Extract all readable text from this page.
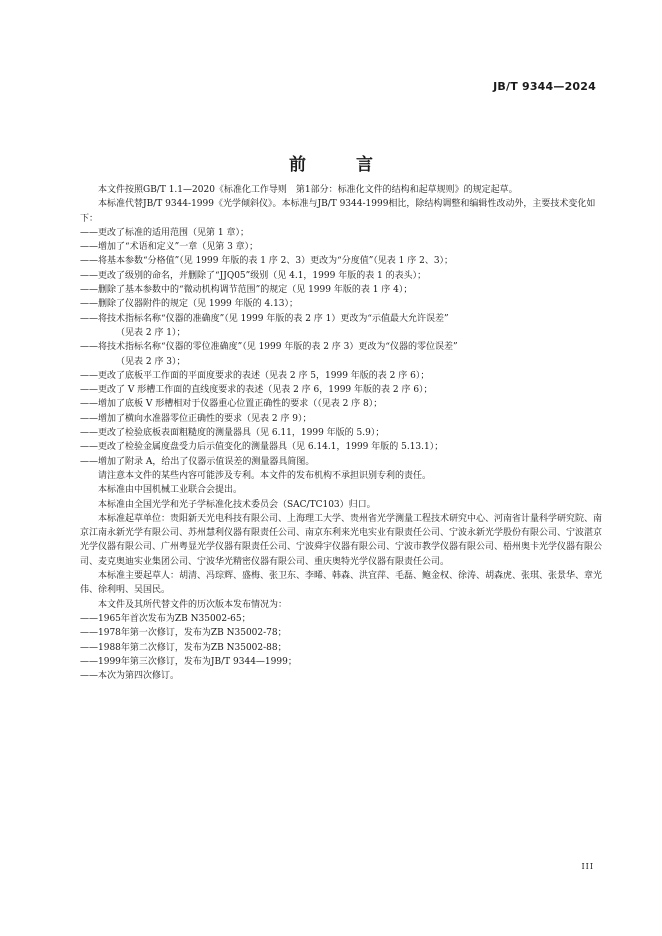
JB/T 9344—2024
前 言

本文件按照GB/T 1.1—2020《标准化工作导则　第1部分：标准化文件的结构和起草规则》的规定起草。

本标准代替JB/T 9344-1999《光学倾斜仪》。本标准与JB/T 9344-1999相比，除结构调整和编辑性改动外，主要技术变化如下：

——更改了标准的适用范围（见第 1 章）；

——增加了“术语和定义”一章（见第 3 章）；

——将基本参数“分格值”（见 1999 年版的表 1 序 2、3）更改为“分度值”（见表 1 序 2、3）；

——更改了级别的命名，并删除了“JJQ05”级别（见 4.1，1999 年版的表 1 的表头）；

——删除了基本参数中的“微动机构调节范围”的规定（见 1999 年版的表 1 序 4）；

——删除了仪器附件的规定（见 1999 年版的 4.13）；

——将技术指标名称“仪器的准确度”（见 1999 年版的表 2 序 1）更改为“示值最大允许误差”
（见表 2 序 1）；

——将技术指标名称“仪器的零位准确度”（见 1999 年版的表 2 序 3）更改为“仪器的零位误差”
（见表 2 序 3）；

——更改了底板平工作面的平面度要求的表述（见表 2 序 5，1999 年版的表 2 序 6）；

——更改了 V 形槽工作面的直线度要求的表述（见表 2 序 6，1999 年版的表 2 序 6）；

——增加了底板 V 形槽相对于仪器重心位置正确性的要求（（见表 2 序 8）；

——增加了横向水准器零位正确性的要求（见表 2 序 9）；

——更改了检验底板表面粗糙度的测量器具（见 6.11，1999 年版的 5.9）；

——更改了检验金属度盘受力后示值变化的测量器具（见 6.14.1，1999 年版的 5.13.1）；

——增加了附录 A，给出了仪器示值误差的测量器具简图。

请注意本文件的某些内容可能涉及专利。本文件的发布机构不承担识别专利的责任。

本标准由中国机械工业联合会提出。

本标准由全国光学和光子学标准化技术委员会（SAC/TC103）归口。

本标准起草单位：贵阳新天光电科技有限公司、上海理工大学、贵州省光学测量工程技术研究中心、河南省计量科学研究院、南京江南永新光学有限公司、苏州慧利仪器有限责任公司、南京东利来光电实业有限责任公司、宁波永新光学股份有限公司、宁波湛京光学仪器有限公司、广州粤显光学仪器有限责任公司、宁波舜宇仪器有限公司、宁波市教学仪器有限公司、梧州奥卡光学仪器有限公司、麦克奥迪实业集团公司、宁波华光精密仪器有限公司、重庆奥特光学仪器有限责任公司。

本标准主要起草人：胡清、冯琮辉、盛梅、张卫东、李晞、韩森、洪宜萍、毛磊、鲍金权、徐涛、胡森虎、张琪、张景华、章光伟、徐利明、吴国民。

本文件及其所代替文件的历次版本发布情况为：

——1965年首次发布为ZB N35002-65；

——1978年第一次修订，发布为ZB N35002-78；

——1988年第二次修订，发布为ZB N35002-88；

——1999年第三次修订，发布为JB/T 9344—1999；

——本次为第四次修订。

III
